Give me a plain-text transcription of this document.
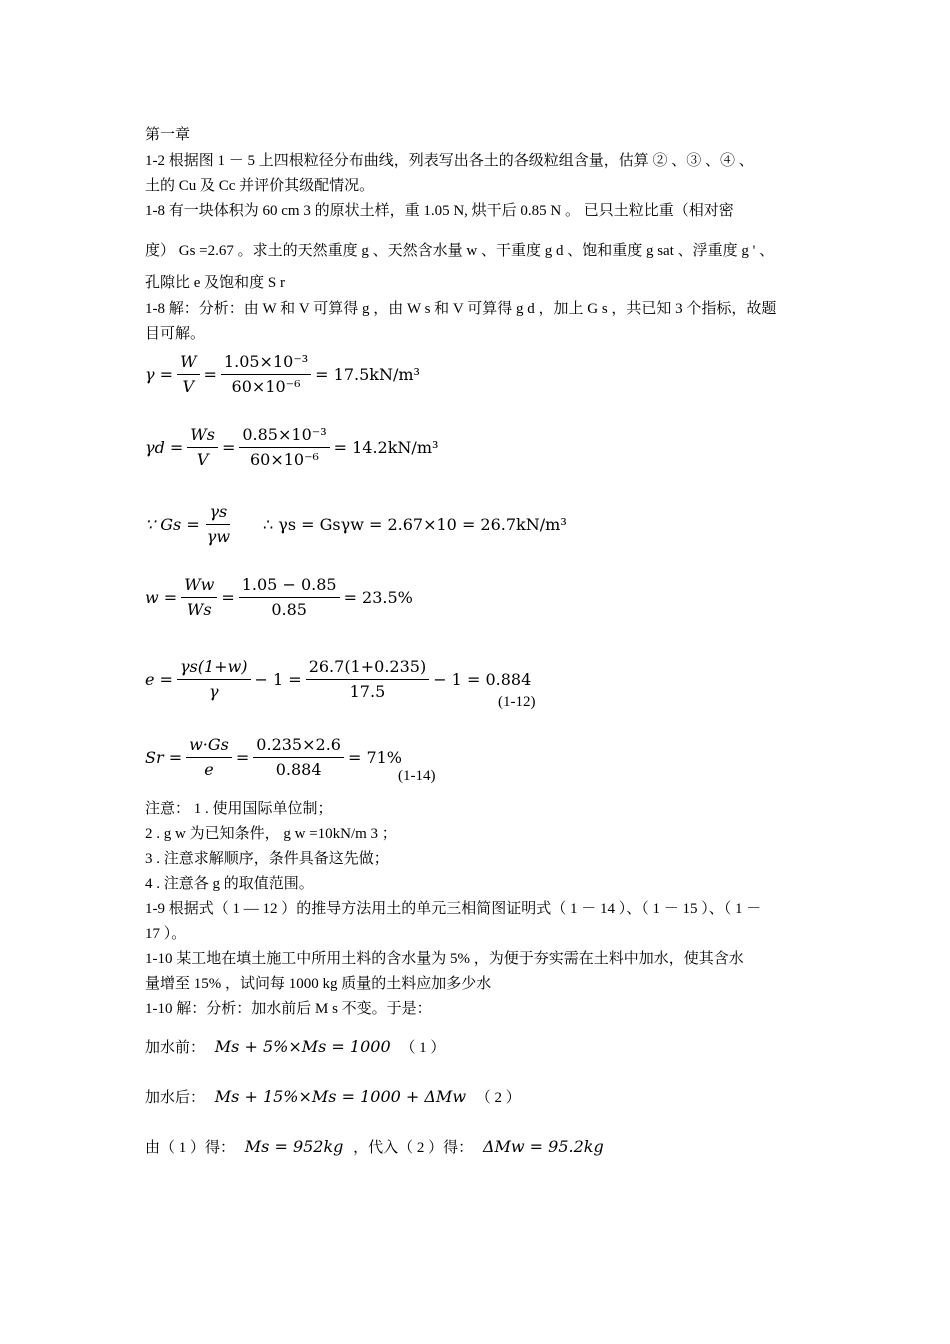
第一章
1-2 根据图 1 － 5 上四根粒径分布曲线，列表写出各土的各级粒组含量，估算 ② 、③ 、④ 、
土的 Cu 及 Cc 并评价其级配情况。
1-8 有一块体积为 60 cm 3 的原状土样，重 1.05 N, 烘干后 0.85 N 。 已只土粒比重（相对密
度） Gs =2.67 。求土的天然重度 g 、天然含水量 w 、干重度 g d 、饱和重度 g sat 、浮重度 g ' 、
孔隙比 e 及饱和度 S r
1-8 解：分析：由 W 和 V 可算得 g ，由 W s 和 V 可算得 g d ，加上 G s ，共已知 3 个指标，故题
目可解。
$\gamma = \frac{W}{V} = \frac{\text{1.05×10⁻³}}{\text{60×10⁻⁶}} = 17.5kN/m^3$
$\gamma d = \frac{Ws}{V} = \frac{\text{0.85×10⁻³}}{\text{60×10⁻⁶}} = 14.2kN/m^3$
∵ $Gs = \frac{\gamma s}{\gamma w}$ ∴ γs = Gsγw = 2.67×10 = 26.7kN/m³
$w = \frac{Ww}{Ws} = \frac{1.05 - 0.85}{0.85} = 23.5\%$
$e = \frac{\gamma s(1+w)}{\gamma} - 1 = \frac{26.7(1+0.235)}{17.5} - 1 = 0.884$
(1-12)
$Sr = \frac{w\cdot Gs}{e} = \frac{0.235\times 2.6}{0.884} = 71\%$
(1-14)
注意： 1 . 使用国际单位制；
2 . g w 为已知条件， g w =10kN/m 3 ；
3 . 注意求解顺序，条件具备这先做；
4 . 注意各 g 的取值范围。
1-9 根据式（ 1 — 12 ）的推导方法用土的单元三相简图证明式（ 1 － 14 ）、（ 1 － 15 ）、（ 1 －
17 ）。
1-10 某工地在填土施工中所用土料的含水量为 5% ，为便于夯实需在土料中加水，使其含水
量增至 15% ，试问每 1000 kg 质量的土料应加多少水
1-10 解：分析：加水前后 M s 不变。于是：
加水前： Ms + 5%×Ms = 1000 （ 1 ）
加水后： Ms + 15%×Ms = 1000 + ΔMw （ 2 ）
由（ 1 ）得： Ms = 952kg ，代入（ 2 ）得： ΔMw = 95.2kg
